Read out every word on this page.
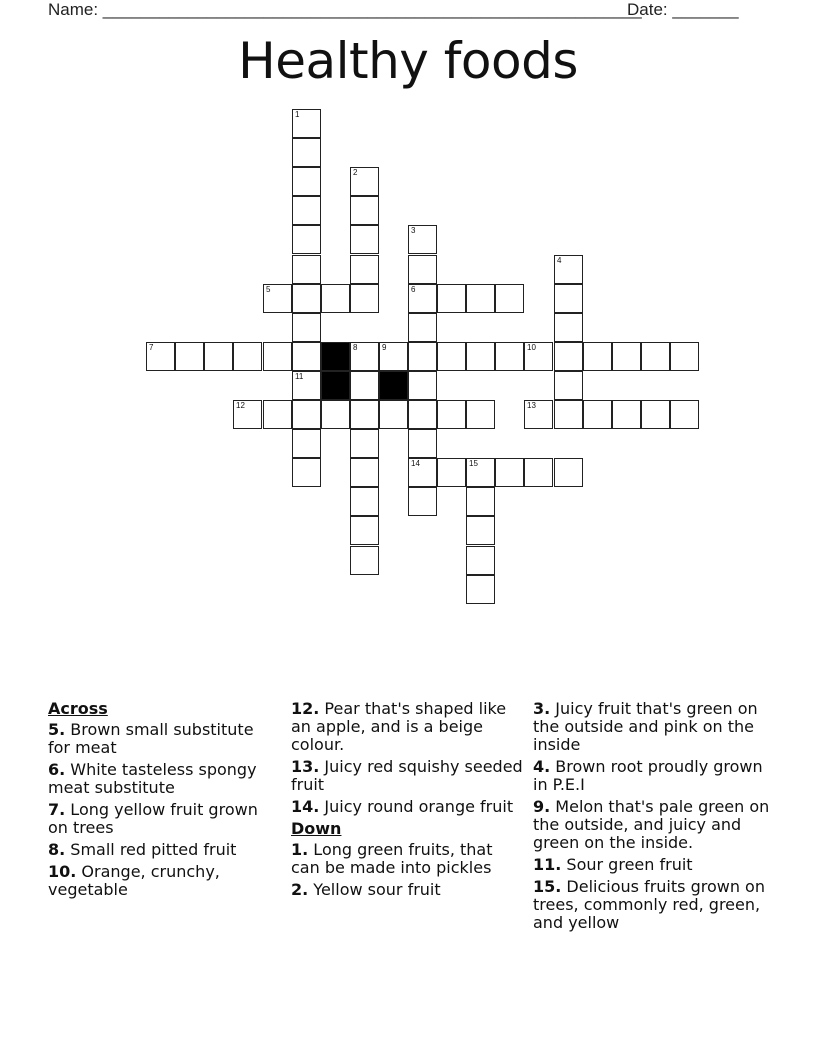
Name: _________________________________________________________
Date: _______
Healthy foods
1
2
3
4
5	6
7	8	9	10
11
12	13
14	15
Across
5. Brown small substitute for meat
6. White tasteless spongy meat substitute
7. Long yellow fruit grown on trees
8. Small red pitted fruit
10. Orange, crunchy, vegetable
12. Pear that's shaped like an apple, and is a beige colour.
13. Juicy red squishy seeded fruit
14. Juicy round orange fruit
Down
1. Long green fruits, that can be made into pickles
2. Yellow sour fruit
3. Juicy fruit that's green on the outside and pink on the inside
4. Brown root proudly grown in P.E.I
9. Melon that's pale green on the outside, and juicy and green on the inside.
11. Sour green fruit
15. Delicious fruits grown on trees, commonly red, green, and yellow
